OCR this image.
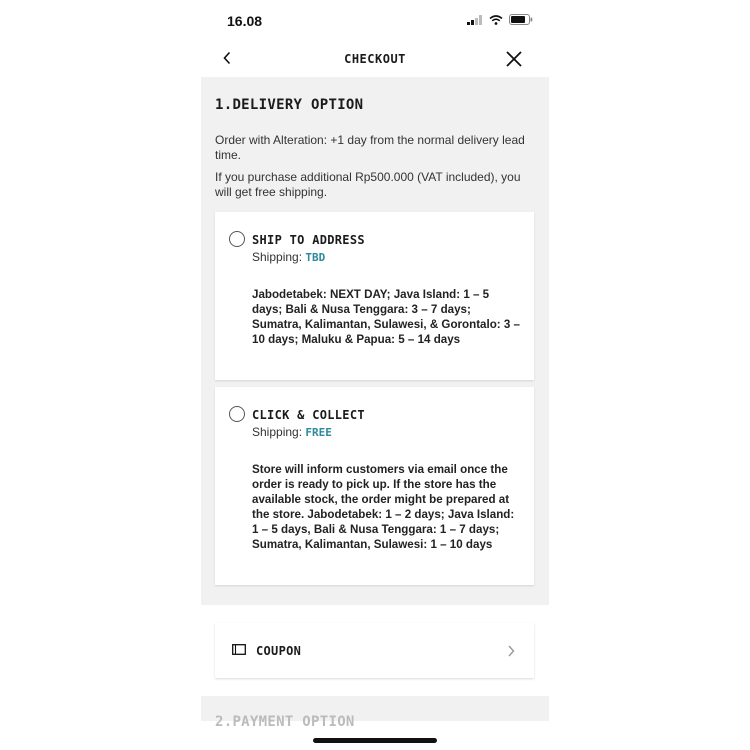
16.08
CHECKOUT
1.DELIVERY OPTION
Order with Alteration: +1 day from the normal delivery lead time.
If you purchase additional Rp500.000 (VAT included), you will get free shipping.
SHIP TO ADDRESS
Shipping: TBD
Jabodetabek: NEXT DAY; Java Island: 1 – 5 days; Bali & Nusa Tenggara: 3 – 7 days; Sumatra, Kalimantan, Sulawesi, & Gorontalo: 3 – 10 days; Maluku & Papua: 5 – 14 days
CLICK & COLLECT
Shipping: FREE
Store will inform customers via email once the order is ready to pick up. If the store has the available stock, the order might be prepared at the store. Jabodetabek: 1 – 2 days; Java Island: 1 – 5 days, Bali & Nusa Tenggara: 1 – 7 days; Sumatra, Kalimantan, Sulawesi: 1 – 10 days
COUPON
2.PAYMENT OPTION
